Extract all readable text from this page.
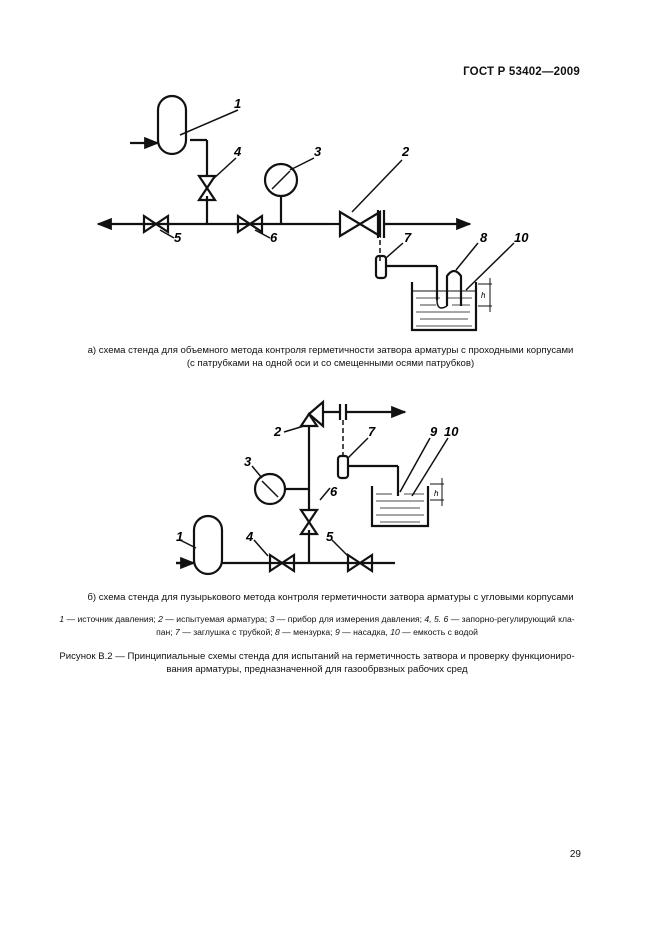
ГОСТ Р 53402—2009
1
2
3
4
5	6	7	8 10
h
1
2
3
4	5
6
7	9 10
h
а) схема стенда для объемного метода контроля герметичности затвора арматуры с проходными корпусами
(с патрубками на одной оси и со смещенными осями патрубков)
б) схема стенда для пузырькового метода контроля герметичности затвора арматуры с угловыми корпусами
1 — источник давления; 2 — испытуемая арматура; 3 — прибор для измерения давления; 4, 5. 6 — запорно-регулирующий кла-
пан; 7 — заглушка с трубкой; 8 — мензурка; 9 — насадка, 10 — емкость с водой
Рисунок В.2 — Принципиальные схемы стенда для испытаний на герметичность затвора и проверку функциониро-
вания арматуры, предназначенной для газообрвзных рабочих сред
29
